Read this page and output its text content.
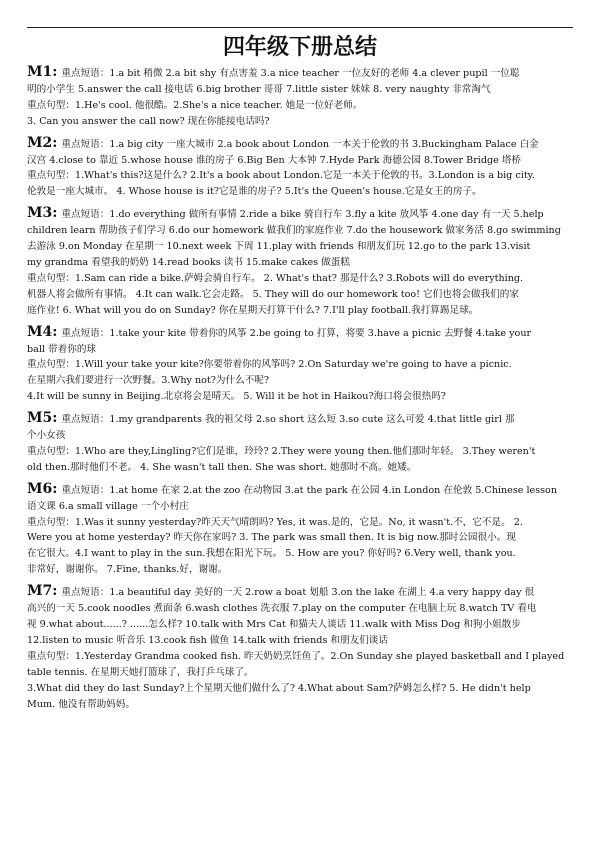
四年级下册总结
M1: 重点短语：1.a bit 稍微 2.a bit shy 有点害羞 3.a nice teacher 一位友好的老师 4.a clever pupil 一位聪
明的小学生 5.answer the call 接电话 6.big brother 哥哥 7.little sister 妹妹 8. very naughty 非常淘气
重点句型：1.He's cool. 他很酷。2.She's a nice teacher. 她是一位好老师。
3. Can you answer the call now? 现在你能接电话吗?
M2: 重点短语：1.a big city 一座大城市 2.a book about London 一本关于伦敦的书 3.Buckingham Palace 白金
汉宫 4.close to 靠近 5.whose house 谁的房子 6.Big Ben 大本钟 7.Hyde Park 海德公园 8.Tower Bridge 塔桥
重点句型：1.What's this?这是什么? 2.It's a book about London.它是一本关于伦敦的书。3.London is a big city.
伦敦是一座大城市。 4. Whose house is it?它是谁的房子? 5.It's the Queen's house.它是女王的房子。
M3: 重点短语：1.do everything 做所有事情 2.ride a bike 骑自行车 3.fly a kite 放风筝 4.one day 有一天 5.help
children learn 帮助孩子们学习 6.do our homework 做我们的家庭作业 7.do the housework 做家务活 8.go swimming
去游泳 9.on Monday 在星期一 10.next week 下周 11.play with friends 和朋友们玩 12.go to the park 13.visit
my grandma 看望我的奶奶 14.read books 读书 15.make cakes 做蛋糕
重点句型：1.Sam can ride a bike.萨姆会骑自行车。 2. What's that? 那是什么? 3.Robots will do everything.
机器人将会做所有事情。 4.It can walk.它会走路。 5. They will do our homework too! 它们也将会做我们的家
庭作业! 6. What will you do on Sunday? 你在星期天打算干什么? 7.I'll play football.我打算踢足球。
M4: 重点短语：1.take your kite 带着你的风筝 2.be going to 打算，将要 3.have a picnic 去野餐 4.take your
ball 带着你的球
重点句型：1.Will your take your kite?你要带着你的风筝吗? 2.On Saturday we're going to have a picnic.
在星期六我们要进行一次野餐。3.Why not?为什么不呢?
4.It will be sunny in Beijing.北京将会是晴天。 5. Will it be hot in Haikou?海口将会很热吗?
M5: 重点短语：1.my grandparents 我的祖父母 2.so short 这么短 3.so cute 这么可爱 4.that little girl 那
个小女孩
重点句型：1.Who are they,Lingling?它们是谁，玲玲? 2.They were young then.他们那时年轻。 3.They weren't
old then.那时他们不老。 4. She wasn't tall then. She was short. 她那时不高。她矮。
M6: 重点短语：1.at home 在家 2.at the zoo 在动物园 3.at the park 在公园 4.in London 在伦敦 5.Chinese lesson
语文课 6.a small village 一个小村庄
重点句型：1.Was it sunny yesterday?昨天天气晴朗吗? Yes, it was.是的，它是。No, it wasn't.不，它不是。 2.
Were you at home yesterday? 昨天你在家吗? 3. The park was small then. It is big now.那时公园很小。现
在它很大。4.I want to play in the sun.我想在阳光下玩。 5. How are you? 你好吗? 6.Very well, thank you.
非常好，谢谢你。 7.Fine, thanks.好，谢谢。
M7: 重点短语：1.a beautiful day 美好的一天 2.row a boat 划船 3.on the lake 在湖上 4.a very happy day 很
高兴的一天 5.cook noodles 煮面条 6.wash clothes 洗衣服 7.play on the computer 在电脑上玩 8.watch TV 看电
视 9.what about......? ......怎么样? 10.talk with Mrs Cat 和猫夫人谈话 11.walk with Miss Dog 和狗小姐散步
12.listen to music 听音乐 13.cook fish 做鱼 14.talk with friends 和朋友们谈话
重点句型：1.Yesterday Grandma cooked fish. 昨天奶奶烹饪鱼了。2.On Sunday she played basketball and I played
table tennis. 在星期天她打篮球了，我打乒乓球了。
3.What did they do last Sunday?上个星期天他们做什么了? 4.What about Sam?萨姆怎么样? 5. He didn't help
Mum. 他没有帮助妈妈。
